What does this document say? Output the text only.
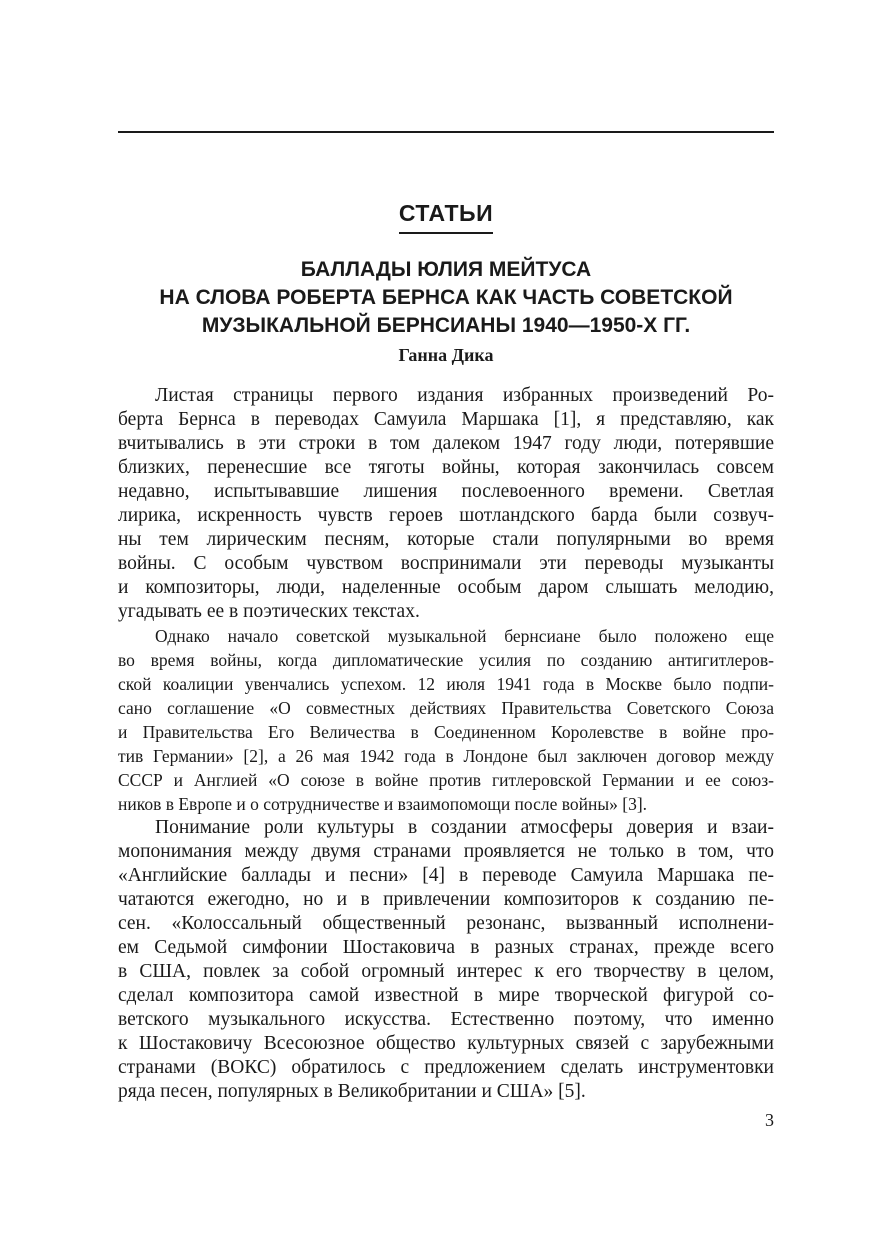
СТАТЬИ
БАЛЛАДЫ ЮЛИЯ МЕЙТУСА
НА СЛОВА РОБЕРТА БЕРНСА КАК ЧАСТЬ СОВЕТСКОЙ
МУЗЫКАЛЬНОЙ БЕРНСИАНЫ 1940—1950-Х ГГ.
Ганна Дика
Листая страницы первого издания избранных произведений Ро-
берта Бернса в переводах Самуила Маршака [1], я представляю, как
вчитывались в эти строки в том далеком 1947 году люди, потерявшие
близких, перенесшие все тяготы войны, которая закончилась совсем
недавно, испытывавшие лишения послевоенного времени. Светлая
лирика, искренность чувств героев шотландского барда были созвуч-
ны тем лирическим песням, которые стали популярными во время
войны. С особым чувством воспринимали эти переводы музыканты
и композиторы, люди, наделенные особым даром слышать мелодию,
угадывать ее в поэтических текстах.
Однако начало советской музыкальной бернсиане было положено еще
во время войны, когда дипломатические усилия по созданию антигитлеров-
ской коалиции увенчались успехом. 12 июля 1941 года в Москве было подпи-
сано соглашение «О совместных действиях Правительства Советского Союза
и Правительства Его Величества в Соединенном Королевстве в войне про-
тив Германии» [2], а 26 мая 1942 года в Лондоне был заключен договор между
СССР и Англией «О союзе в войне против гитлеровской Германии и ее союз-
ников в Европе и о сотрудничестве и взаимопомощи после войны» [3].
Понимание роли культуры в создании атмосферы доверия и взаи-
мопонимания между двумя странами проявляется не только в том, что
«Английские баллады и песни» [4] в переводе Самуила Маршака пе-
чатаются ежегодно, но и в привлечении композиторов к созданию пе-
сен. «Колоссальный общественный резонанс, вызванный исполнени-
ем Седьмой симфонии Шостаковича в разных странах, прежде всего
в США, повлек за собой огромный интерес к его творчеству в целом,
сделал композитора самой известной в мире творческой фигурой со-
ветского музыкального искусства. Естественно поэтому, что именно
к Шостаковичу Всесоюзное общество культурных связей с зарубежными
странами (ВОКС) обратилось с предложением сделать инструментовки
ряда песен, популярных в Великобритании и США» [5].
3
